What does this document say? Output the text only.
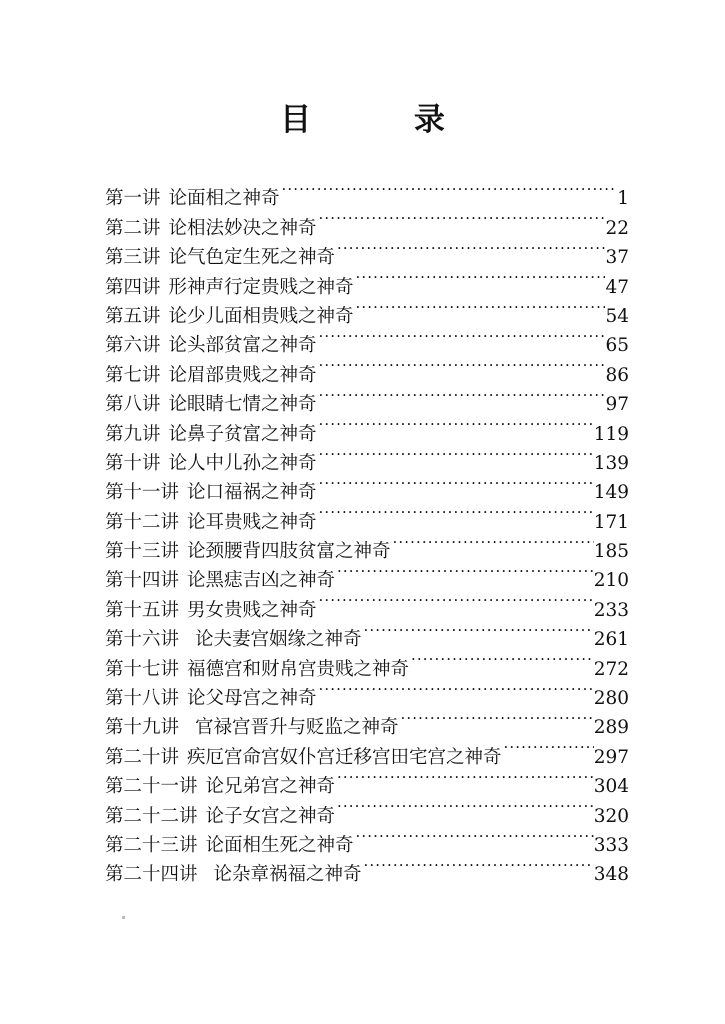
目 录
第一讲 论面相之神奇 ·····	1
第二讲 论相法妙决之神奇 ·····	22
第三讲 论气色定生死之神奇 ·····	37
第四讲 形神声行定贵贱之神奇 ·····	47
第五讲 论少儿面相贵贱之神奇 ·····	54
第六讲 论头部贫富之神奇 ·····	65
第七讲 论眉部贵贱之神奇 ·····	86
第八讲 论眼睛七情之神奇 ·····	97
第九讲 论鼻子贫富之神奇 ·····	119
第十讲 论人中儿孙之神奇 ·····	139
第十一讲 论口福祸之神奇 ·····	149
第十二讲 论耳贵贱之神奇 ·····	171
第十三讲 论颈腰背四肢贫富之神奇 ·····	185
第十四讲 论黑痣吉凶之神奇 ·····	210
第十五讲 男女贵贱之神奇 ·····	233
第十六讲 论夫妻宫姻缘之神奇 ·····	261
第十七讲 福德宫和财帛宫贵贱之神奇 ·····	272
第十八讲 论父母宫之神奇 ·····	280
第十九讲 官禄宫晋升与贬监之神奇 ·····	289
第二十讲 疾厄宫命宫奴仆宫迁移宫田宅宫之神奇 ·····	297
第二十一讲 论兄弟宫之神奇 ·····	304
第二十二讲 论子女宫之神奇 ·····	320
第二十三讲 论面相生死之神奇 ·····	333
第二十四讲 论杂章祸福之神奇 ·····	348
